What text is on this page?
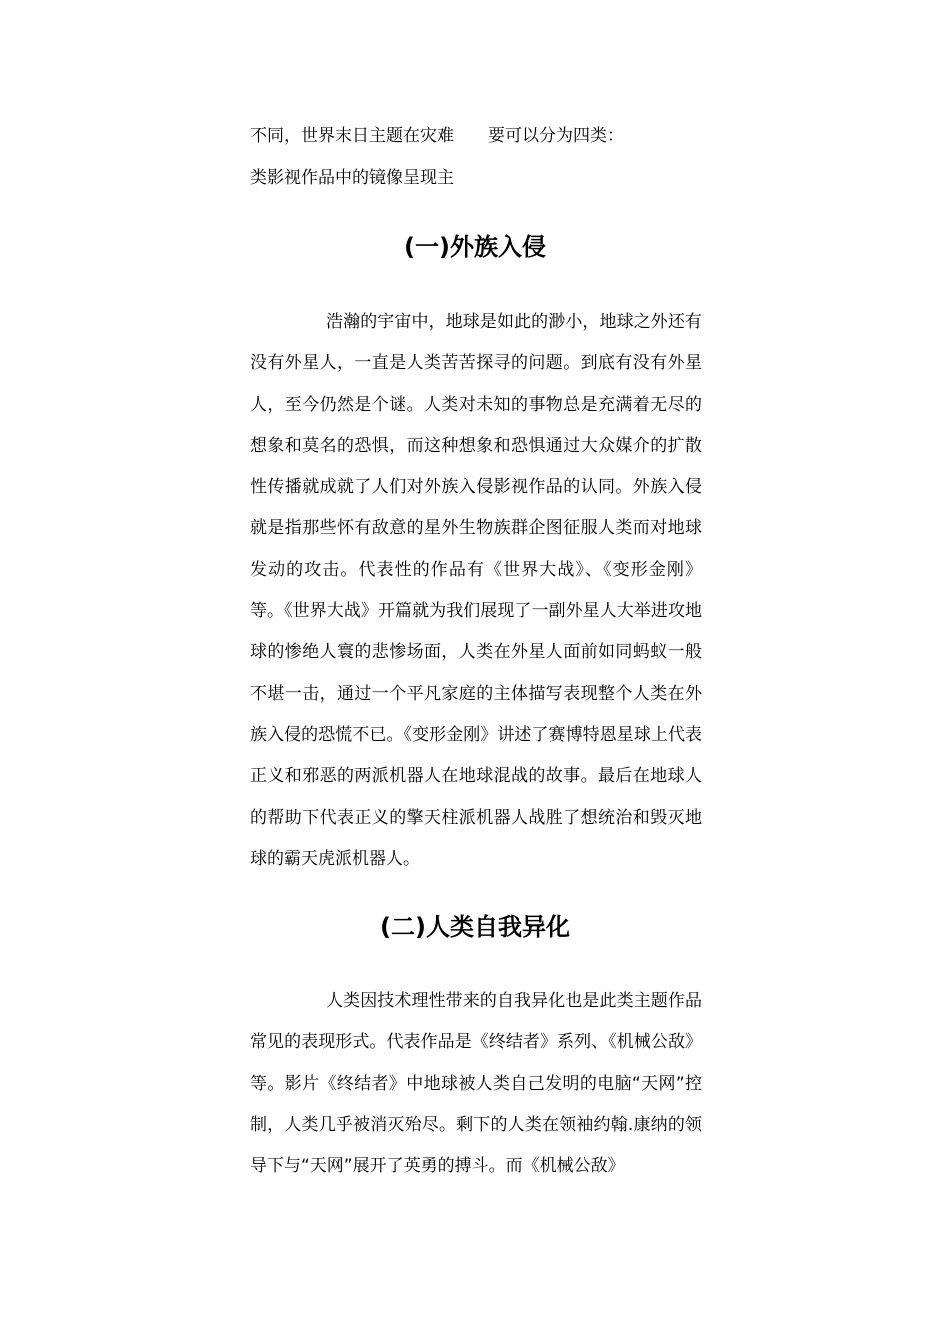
不同，世界末日主题在灾难 要可以分为四类：
类影视作品中的镜像呈现主
(一)外族入侵

浩瀚的宇宙中，地球是如此的渺小，地球之外还有没有外星人，一直是人类苦苦探寻的问题。到底有没有外星人，至今仍然是个谜。人类对未知的事物总是充满着无尽的想象和莫名的恐惧，而这种想象和恐惧通过大众媒介的扩散性传播就成就了人们对外族入侵影视作品的认同。外族入侵就是指那些怀有敌意的星外生物族群企图征服人类而对地球发动的攻击。代表性的作品有《世界大战》、《变形金刚》等。《世界大战》开篇就为我们展现了一副外星人大举进攻地球的惨绝人寰的悲惨场面，人类在外星人面前如同蚂蚁一般不堪一击，通过一个平凡家庭的主体描写表现整个人类在外族入侵的恐慌不已。《变形金刚》讲述了赛博特恩星球上代表正义和邪恶的两派机器人在地球混战的故事。最后在地球人的帮助下代表正义的擎天柱派机器人战胜了想统治和毁灭地球的霸天虎派机器人。

(二)人类自我异化

人类因技术理性带来的自我异化也是此类主题作品常见的表现形式。代表作品是《终结者》系列、《机械公敌》等。影片《终结者》中地球被人类自己发明的电脑“天网”控制，人类几乎被消灭殆尽。剩下的人类在领袖约翰.康纳的领导下与“天网”展开了英勇的搏斗。而《机械公敌》
